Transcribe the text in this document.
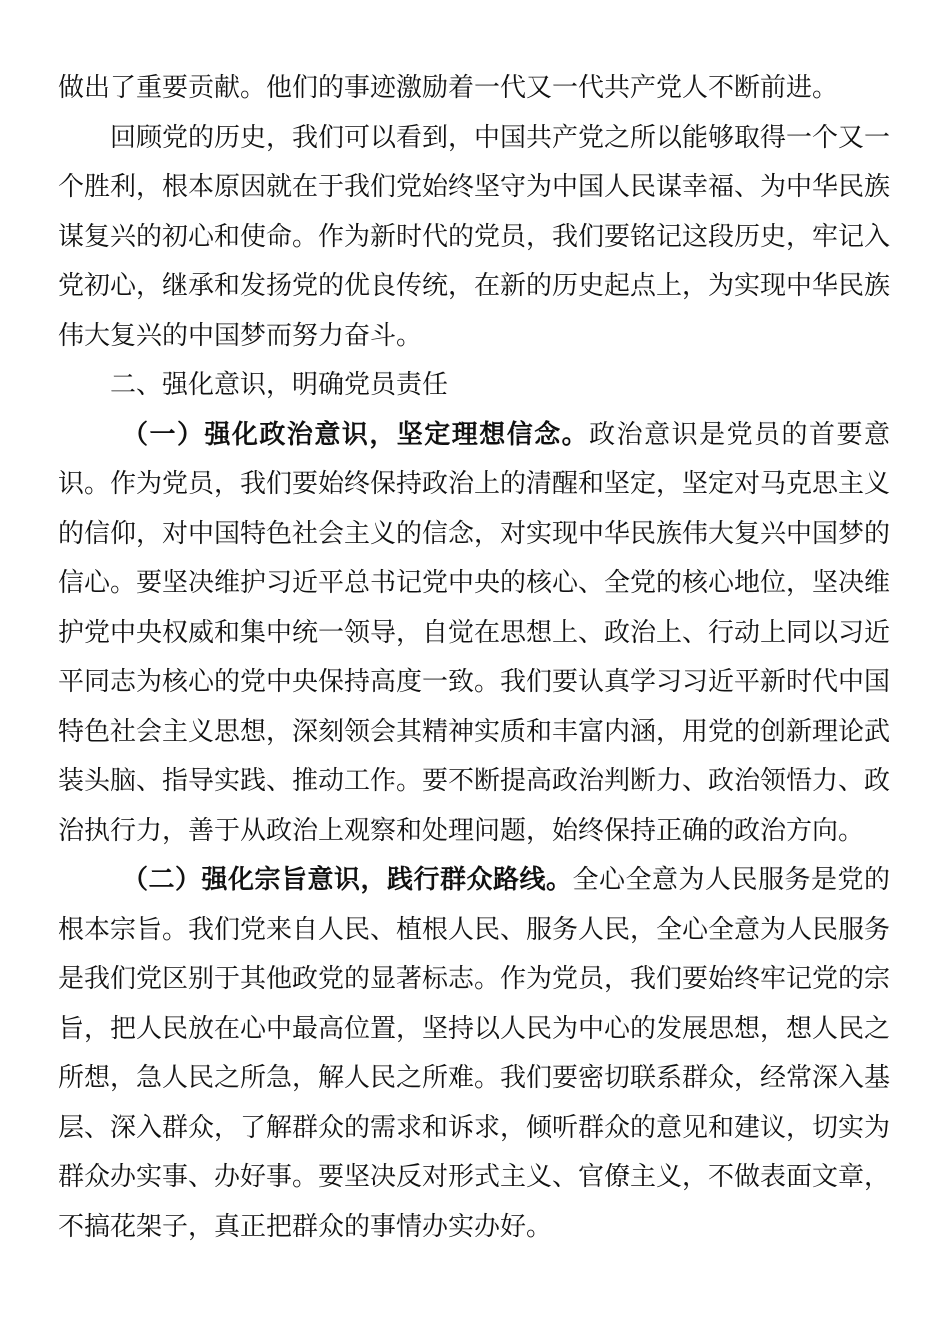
做出了重要贡献。他们的事迹激励着一代又一代共产党人不断前进。

回顾党的历史，我们可以看到，中国共产党之所以能够取得一个又一个胜利，根本原因就在于我们党始终坚守为中国人民谋幸福、为中华民族谋复兴的初心和使命。作为新时代的党员，我们要铭记这段历史，牢记入党初心，继承和发扬党的优良传统，在新的历史起点上，为实现中华民族伟大复兴的中国梦而努力奋斗。

二、强化意识，明确党员责任

（一）强化政治意识，坚定理想信念。政治意识是党员的首要意识。作为党员，我们要始终保持政治上的清醒和坚定，坚定对马克思主义的信仰，对中国特色社会主义的信念，对实现中华民族伟大复兴中国梦的信心。要坚决维护习近平总书记党中央的核心、全党的核心地位，坚决维护党中央权威和集中统一领导，自觉在思想上、政治上、行动上同以习近平同志为核心的党中央保持高度一致。我们要认真学习习近平新时代中国特色社会主义思想，深刻领会其精神实质和丰富内涵，用党的创新理论武装头脑、指导实践、推动工作。要不断提高政治判断力、政治领悟力、政治执行力，善于从政治上观察和处理问题，始终保持正确的政治方向。

（二）强化宗旨意识，践行群众路线。全心全意为人民服务是党的根本宗旨。我们党来自人民、植根人民、服务人民，全心全意为人民服务是我们党区别于其他政党的显著标志。作为党员，我们要始终牢记党的宗旨，把人民放在心中最高位置，坚持以人民为中心的发展思想，想人民之所想，急人民之所急，解人民之所难。我们要密切联系群众，经常深入基层、深入群众，了解群众的需求和诉求，倾听群众的意见和建议，切实为群众办实事、办好事。要坚决反对形式主义、官僚主义，不做表面文章，不搞花架子，真正把群众的事情办实办好。
